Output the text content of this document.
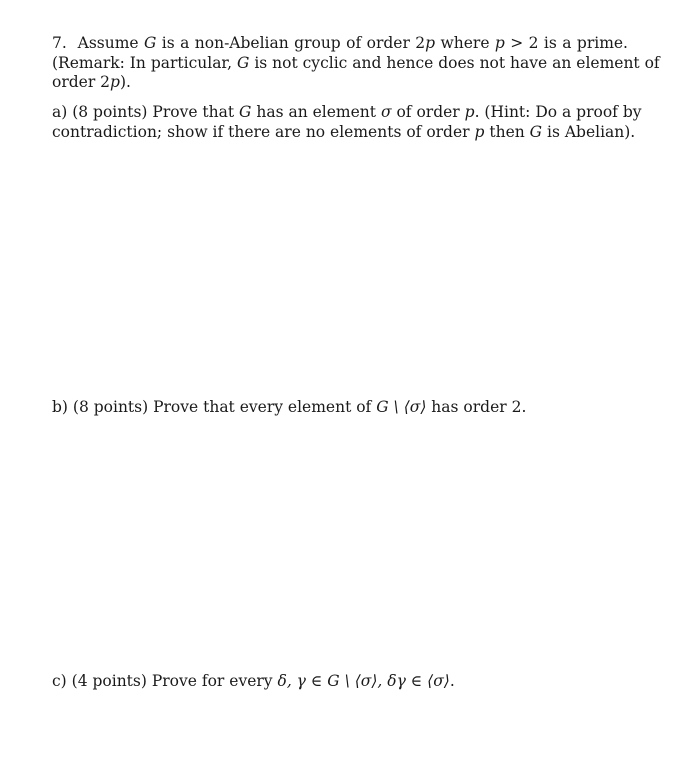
7. Assume G is a non-Abelian group of order 2p where p > 2 is a prime.
(Remark: In particular, G is not cyclic and hence does not have an element of
order 2p).
a) (8 points) Prove that G has an element σ of order p. (Hint: Do a proof by
contradiction; show if there are no elements of order p then G is Abelian).
b) (8 points) Prove that every element of G \ ⟨σ⟩ has order 2.
c) (4 points) Prove for every δ, γ ∈ G \ ⟨σ⟩, δγ ∈ ⟨σ⟩.
